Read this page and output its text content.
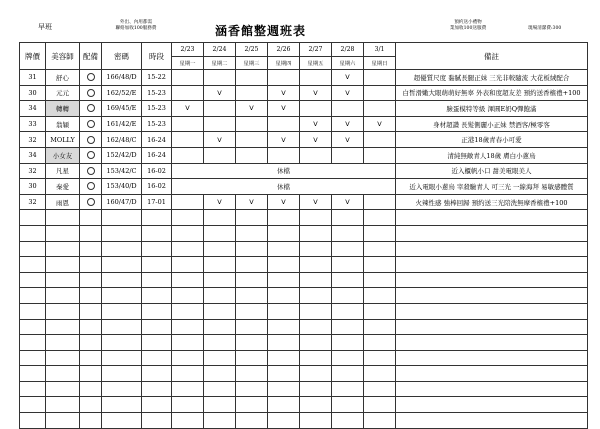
早班
外出、內用都需
聯絡加收100服務費	涵香館整週班表
預約送小禮物
業加收100送服費	現場清潔費:300
牌價	美容師	配備	密碼	時段	2/23	2/24	2/25	2/26	2/27	2/28	3/1	備註
					星期一	星期二	星期三	星期四	星期五	星期六	星期日	
31	舒心		166/48/D	15-22						V		超優質尺度 黏膩長腿正妹 三光非較隨流 大花板絨配合
30	元元		162/52/E	15-23		V		V	V	V		白皙滑嫩大眼萌萌好無辜 外表和度超友差 預約送香檳禮+100
34	轉轉		169/45/E	15-23	V		V	V				臉蛋模特等級 渾圓E奶Q彈飽滿
33	翁穎		161/42/E	15-23					V	V	V	身材超讚 長髮側麗小正妹 禁酒客/極零客
32	MOLLY		162/48/C	16-24		V		V	V	V		正港18歲青春小可愛
34	小女友		152/42/D	16-24								清純無敵青人18歲 膚白小蔥鳥
32	凡星		153/42/C	16-02	休檔							近入櫃帆小口 甜美電眼美人
30	秦愛		153/40/D	16-02	休檔							近入電眼小蔥鳥 宰殺驗青人 可三光 一線海拜 易敏感體質
32	雨恩		160/47/D	17-01		V	V	V	V	V		火辣性感 強棒回歸 預約送三光陪洗無摩香檳禮+100
